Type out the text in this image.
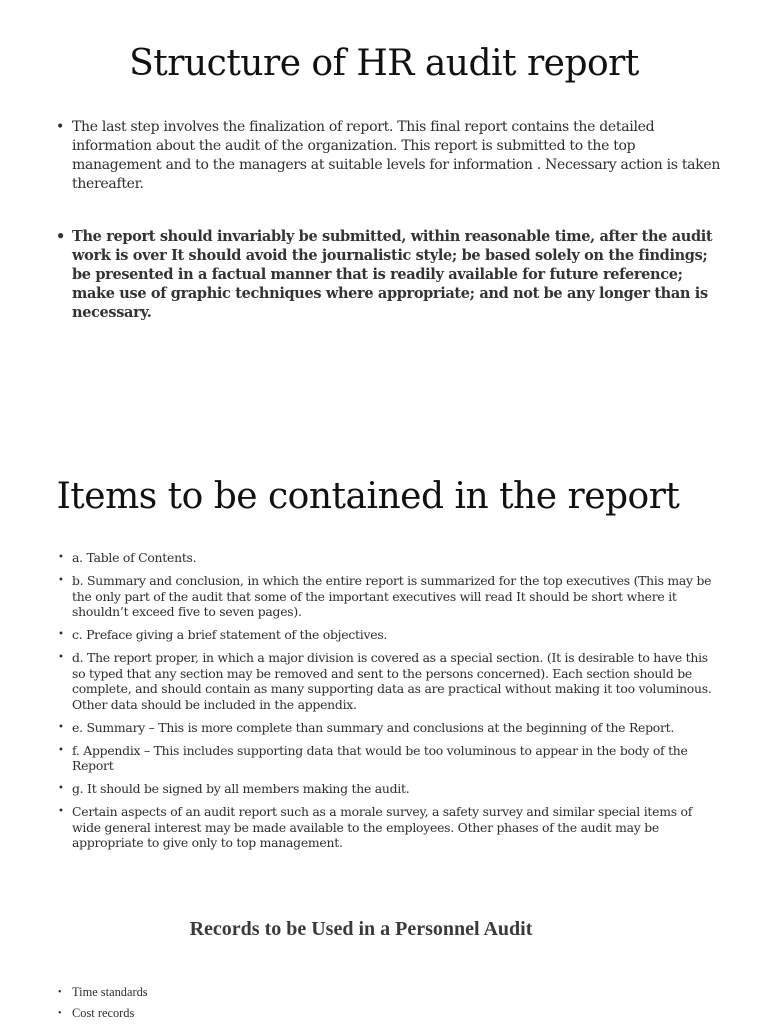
Structure of HR audit report
• The last step involves the finalization of report. This final report contains the detailed information about the audit of the organization. This report is submitted to the top management and to the managers at suitable levels for information . Necessary action is taken thereafter.
• The report should invariably be submitted, within reasonable time, after the audit work is over It should avoid the journalistic style; be based solely on the findings; be presented in a factual manner that is readily available for future reference; make use of graphic techniques where appropriate; and not be any longer than is necessary.
Items to be contained in the report
• a. Table of Contents.
• b. Summary and conclusion, in which the entire report is summarized for the top executives (This may be the only part of the audit that some of the important executives will read It should be short where it shouldn’t exceed five to seven pages).
• c. Preface giving a brief statement of the objectives.
• d. The report proper, in which a major division is covered as a special section. (It is desirable to have this so typed that any section may be removed and sent to the persons concerned). Each section should be complete, and should contain as many supporting data as are practical without making it too voluminous. Other data should be included in the appendix.
• e. Summary – This is more complete than summary and conclusions at the beginning of the Report.
• f. Appendix – This includes supporting data that would be too voluminous to appear in the body of the Report
• g. It should be signed by all members making the audit.
• Certain aspects of an audit report such as a morale survey, a safety survey and similar special items of wide general interest may be made available to the employees. Other phases of the audit may be appropriate to give only to top management.
Records to be Used in a Personnel Audit
• Time standards
• Cost records
